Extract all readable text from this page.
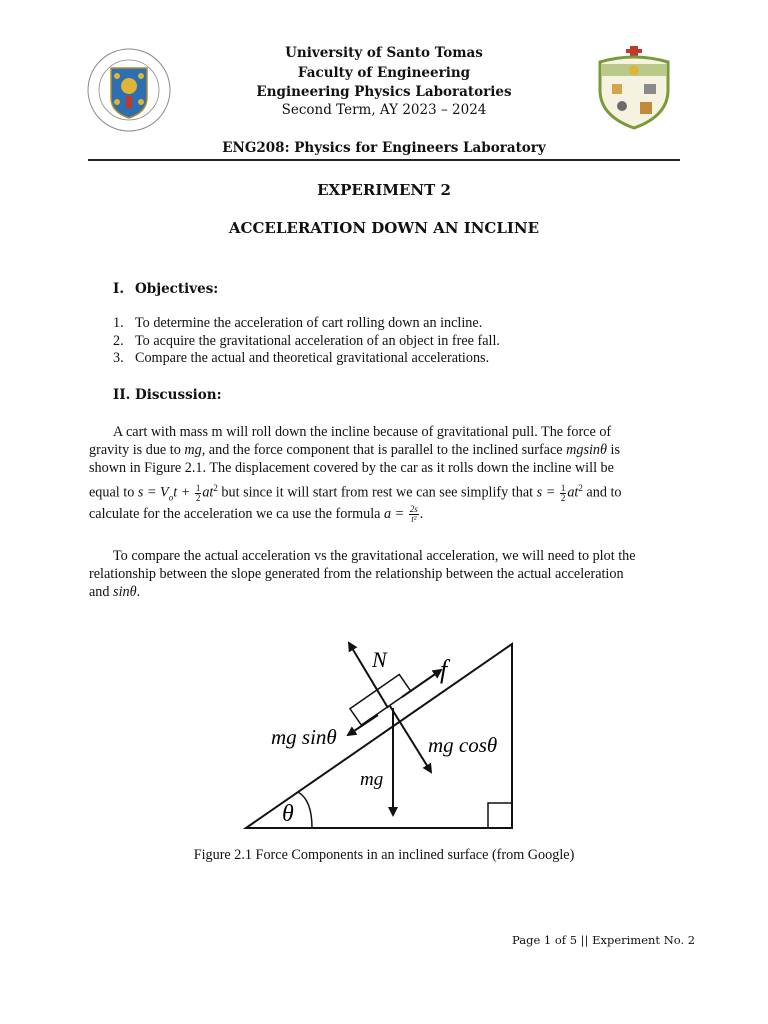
University of Santo Tomas
Faculty of Engineering
Engineering Physics Laboratories
Second Term, AY 2023 – 2024
ENG208: Physics for Engineers Laboratory
EXPERIMENT 2
ACCELERATION DOWN AN INCLINE
I. Objectives:
1. To determine the acceleration of cart rolling down an incline.
2. To acquire the gravitational acceleration of an object in free fall.
3. Compare the actual and theoretical gravitational accelerations.
II. Discussion:
A cart with mass m will roll down the incline because of gravitational pull. The force of
gravity is due to mg, and the force component that is parallel to the inclined surface mgsinθ is
shown in Figure 2.1. The displacement covered by the car as it rolls down the incline will be
equal to $s = V_ot + \frac{1}{2} at^2$ but since it will start from rest we can see simplify that $s = \frac{1}{2} at^2$ and to
calculate for the acceleration we ca use the formula $a = \frac{2s}{\text{t²}}$ .
To compare the actual acceleration vs the gravitational acceleration, we will need to plot the
relationship between the slope generated from the relationship between the actual acceleration
and sinθ.
N f
mg sinθ	mg cosθ
mg
θ
Figure 2.1 Force Components in an inclined surface (from Google)
Page 1 of 5 || Experiment No. 2
